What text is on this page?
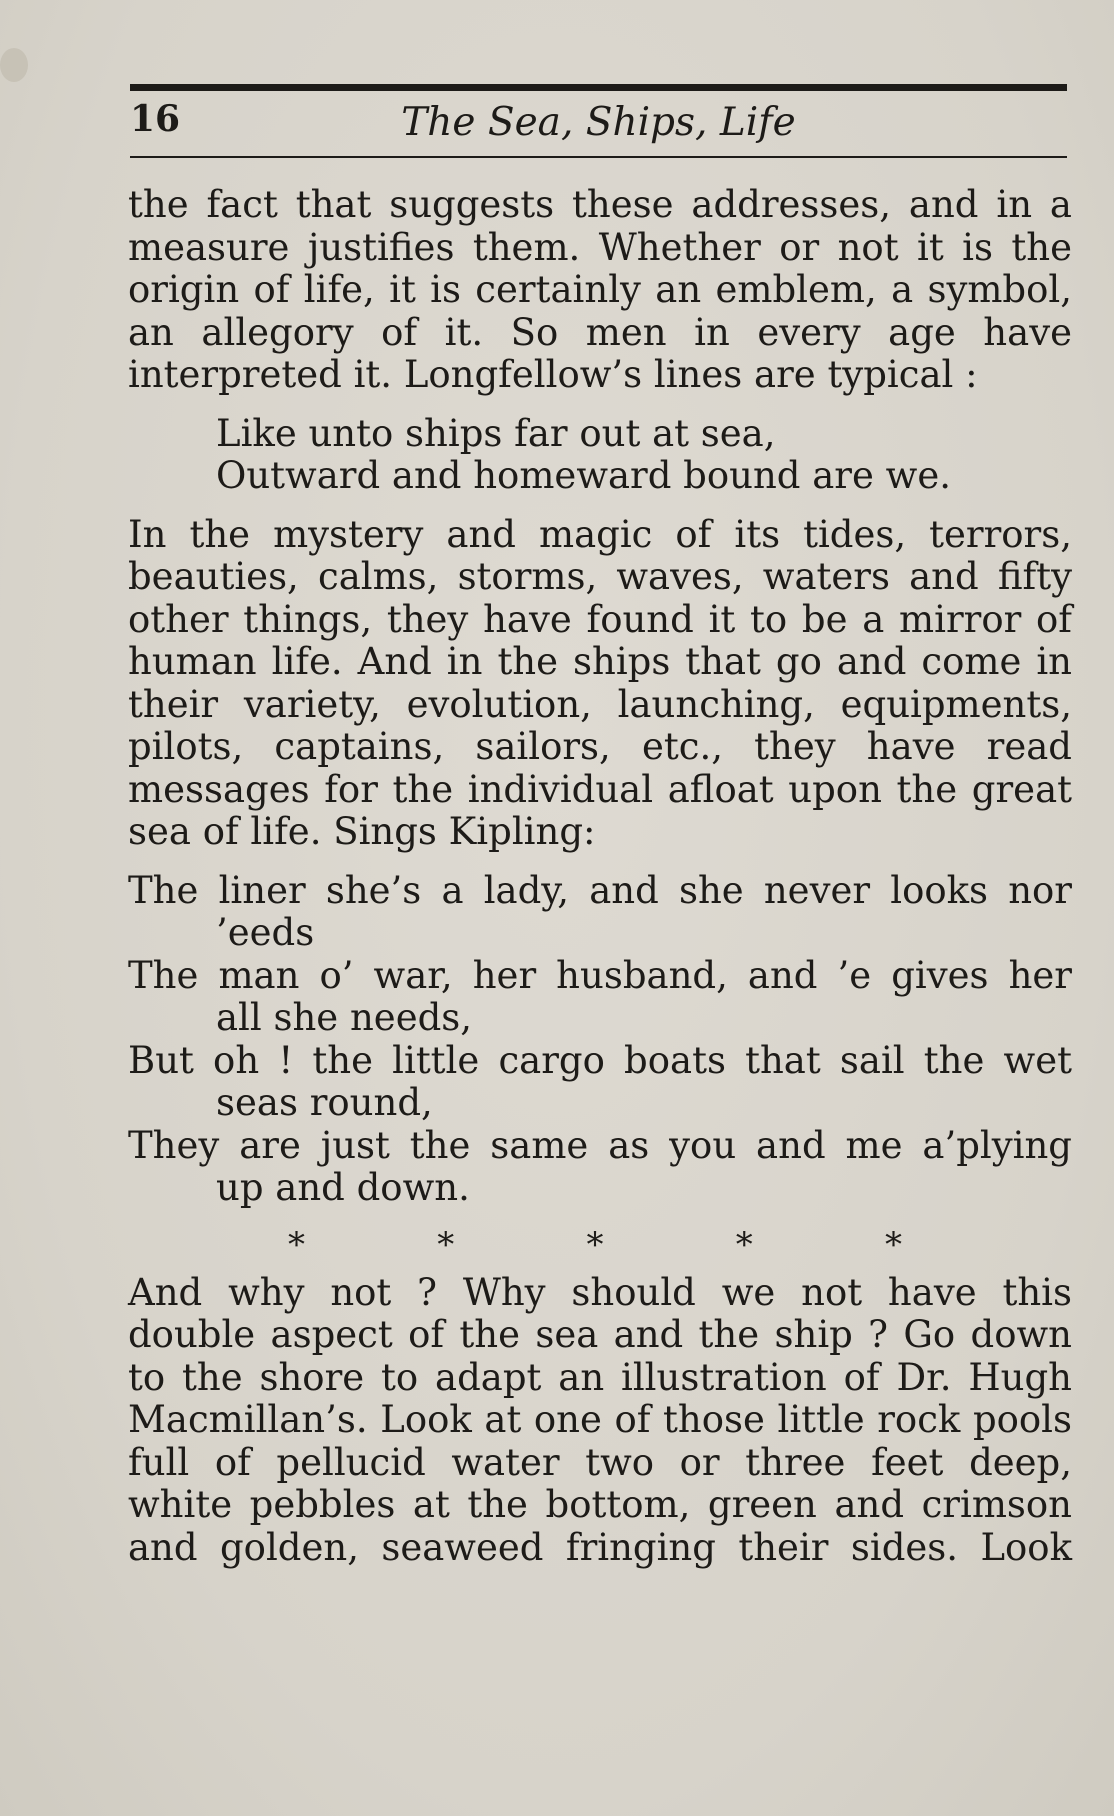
16	The Sea, Ships, Life

the fact that suggests these addresses, and in a measure justifies them. Whether or not it is the origin of life, it is certainly an emblem, a symbol, an allegory of it. So men in every age have interpreted it. Longfellow’s lines are typical :

Like unto ships far out at sea,
Outward and homeward bound are we.

In the mystery and magic of its tides, terrors, beauties, calms, storms, waves, waters and fifty other things, they have found it to be a mirror of human life. And in the ships that go and come in their variety, evolution, launching, equipments, pilots, captains, sailors, etc., they have read messages for the individual afloat upon the great sea of life. Sings Kipling:

The liner she’s a lady, and she never looks nor
’eeds
The man o’ war, her husband, and ’e gives her
all she needs,
But oh ! the little cargo boats that sail the wet
seas round,
They are just the same as you and me a’plying
up and down.
*	*	*	*	*

And why not ? Why should we not have this double aspect of the sea and the ship ? Go down to the shore to adapt an illustration of Dr. Hugh Macmillan’s. Look at one of those little rock pools full of pellucid water two or three feet deep, white pebbles at the bottom, green and crimson and golden, seaweed fringing their sides. Look
